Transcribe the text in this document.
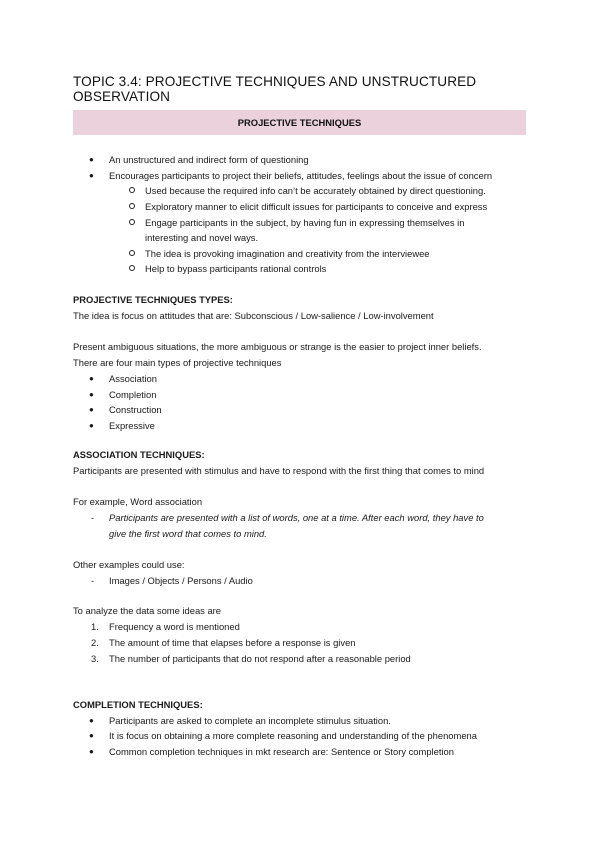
TOPIC 3.4: PROJECTIVE TECHNIQUES AND UNSTRUCTURED OBSERVATION
PROJECTIVE TECHNIQUES
● An unstructured and indirect form of questioning
● Encourages participants to project their beliefs, attitudes, feelings about the issue of concern
Used because the required info can’t be accurately obtained by direct questioning.
Exploratory manner to elicit difficult issues for participants to conceive and express
Engage participants in the subject, by having fun in expressing themselves in
interesting and novel ways.
The idea is provoking imagination and creativity from the interviewee
Help to bypass participants rational controls
PROJECTIVE TECHNIQUES TYPES:
The idea is focus on attitudes that are: Subconscious / Low-salience / Low-involvement
Present ambiguous situations, the more ambiguous or strange is the easier to project inner beliefs.
There are four main types of projective techniques
● Association
● Completion
● Construction
● Expressive
ASSOCIATION TECHNIQUES:
Participants are presented with stimulus and have to respond with the first thing that comes to mind
For example, Word association
- Participants are presented with a list of words, one at a time. After each word, they have to
give the first word that comes to mind.
Other examples could use:
- Images / Objects / Persons / Audio
To analyze the data some ideas are
1. Frequency a word is mentioned
2. The amount of time that elapses before a response is given
3. The number of participants that do not respond after a reasonable period
COMPLETION TECHNIQUES:
● Participants are asked to complete an incomplete stimulus situation.
● It is focus on obtaining a more complete reasoning and understanding of the phenomena
● Common completion techniques in mkt research are: Sentence or Story completion
